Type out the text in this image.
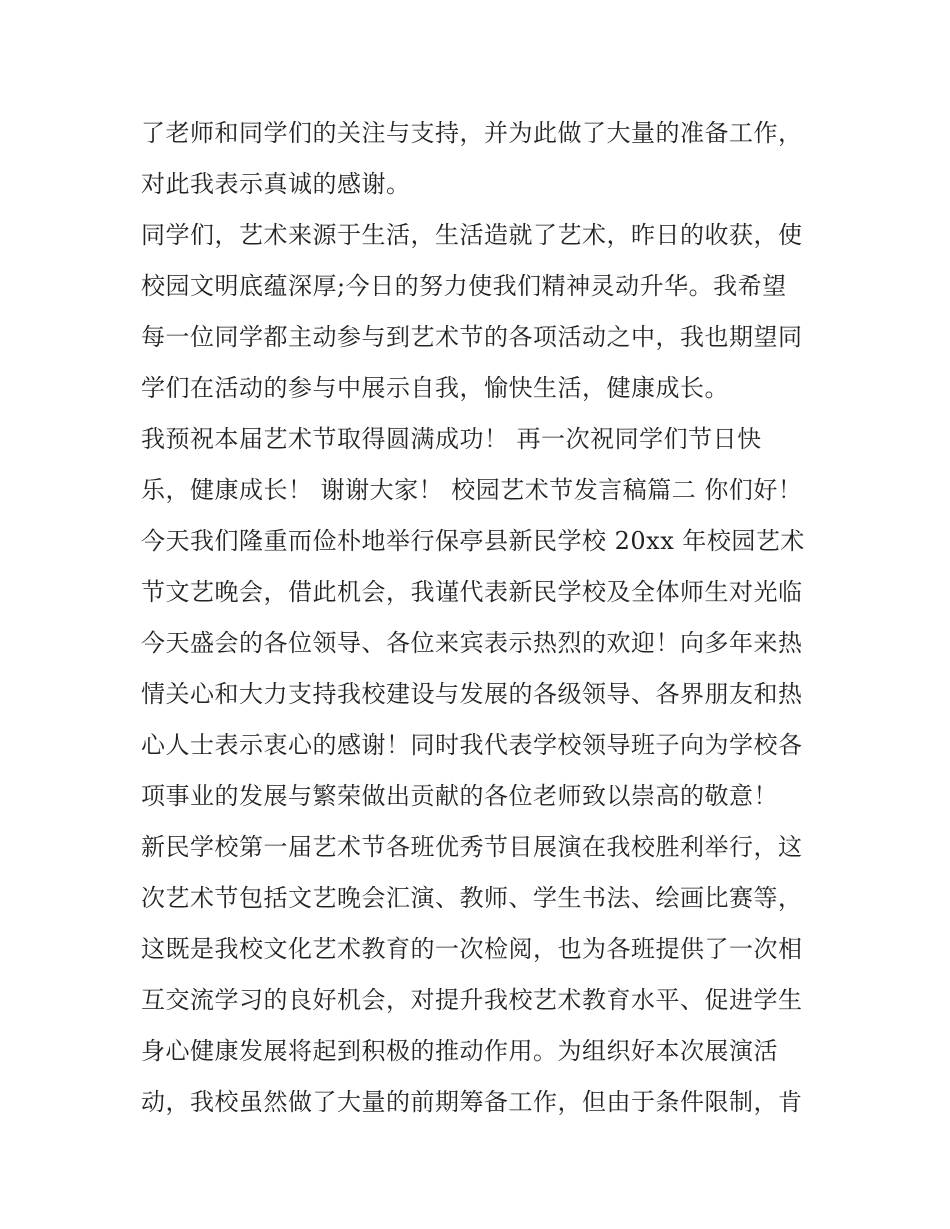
了老师和同学们的关注与支持，并为此做了大量的准备工作，
对此我表示真诚的感谢。
同学们，艺术来源于生活，生活造就了艺术，昨日的收获，使
校园文明底蕴深厚;今日的努力使我们精神灵动升华。我希望
每一位同学都主动参与到艺术节的各项活动之中，我也期望同
学们在活动的参与中展示自我，愉快生活，健康成长。
我预祝本届艺术节取得圆满成功！ 再一次祝同学们节日快
乐，健康成长！ 谢谢大家！ 校园艺术节发言稿篇二 你们好！
今天我们隆重而俭朴地举行保亭县新民学校 20xx 年校园艺术
节文艺晚会，借此机会，我谨代表新民学校及全体师生对光临
今天盛会的各位领导、各位来宾表示热烈的欢迎！向多年来热
情关心和大力支持我校建设与发展的各级领导、各界朋友和热
心人士表示衷心的感谢！同时我代表学校领导班子向为学校各
项事业的发展与繁荣做出贡献的各位老师致以崇高的敬意！
新民学校第一届艺术节各班优秀节目展演在我校胜利举行，这
次艺术节包括文艺晚会汇演、教师、学生书法、绘画比赛等，
这既是我校文化艺术教育的一次检阅，也为各班提供了一次相
互交流学习的良好机会，对提升我校艺术教育水平、促进学生
身心健康发展将起到积极的推动作用。为组织好本次展演活
动，我校虽然做了大量的前期筹备工作，但由于条件限制，肯
